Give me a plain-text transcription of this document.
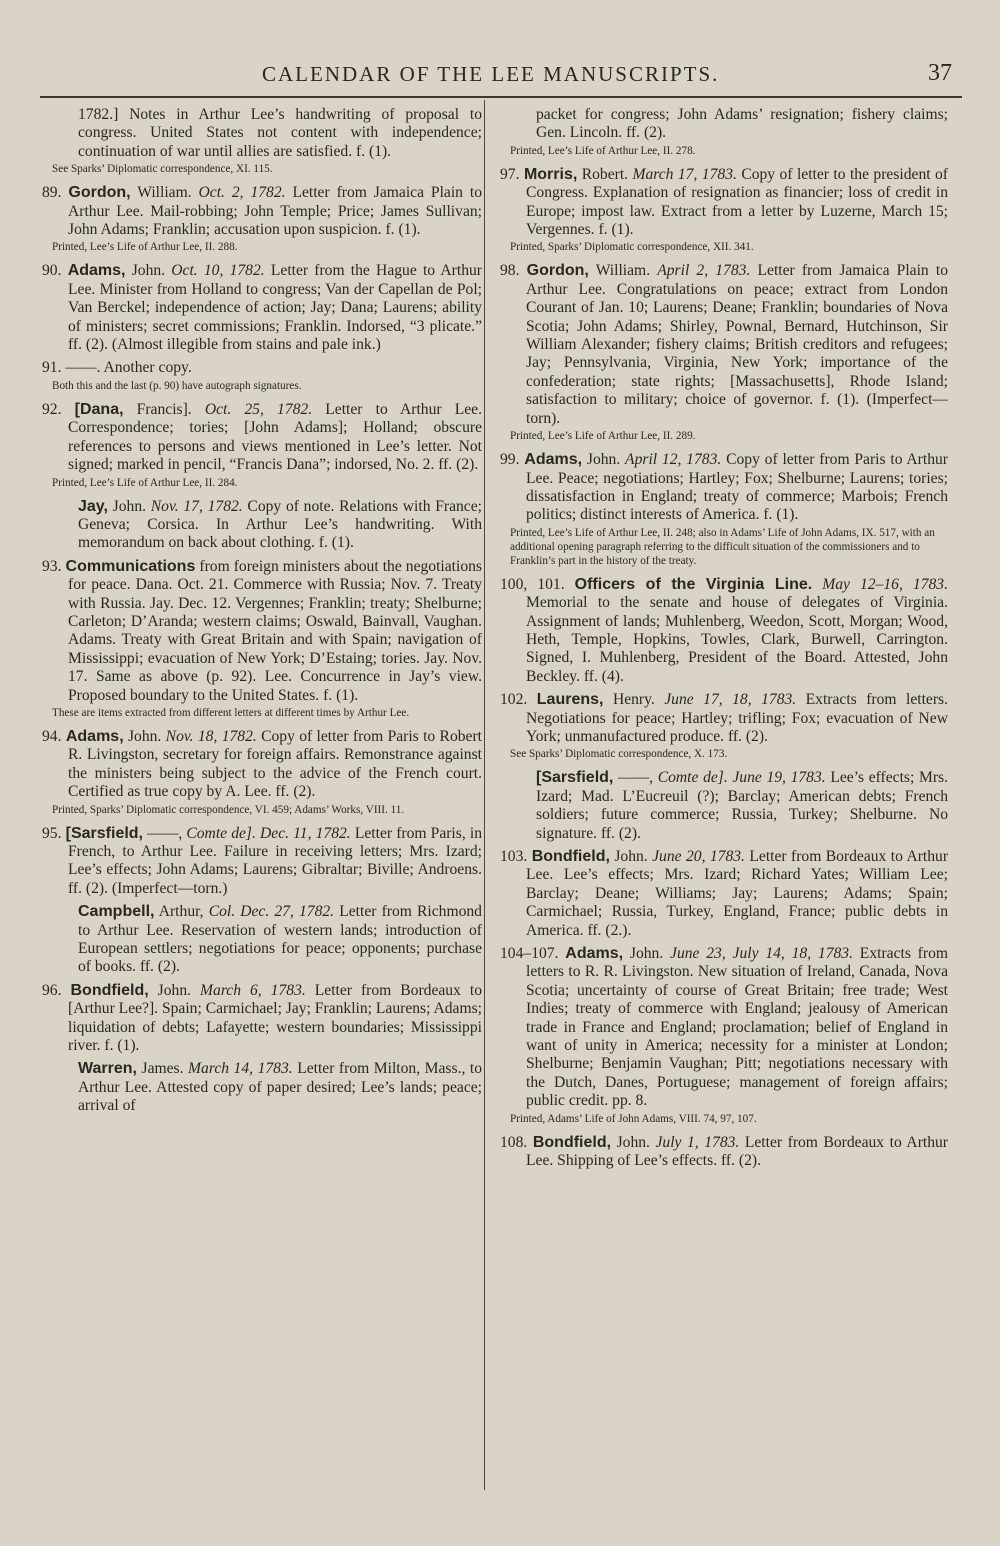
CALENDAR OF THE LEE MANUSCRIPTS.	37
1782.] Notes in Arthur Lee’s handwriting of proposal to congress. United States not content with independence; continuation of war until allies are satisfied. f. (1).
See Sparks’ Diplomatic correspondence, XI. 115.
89. Gordon, William. Oct. 2, 1782. Letter from Jamaica Plain to Arthur Lee. Mail-robbing; John Temple; Price; James Sullivan; John Adams; Franklin; accusation upon suspicion. f. (1).
Printed, Lee’s Life of Arthur Lee, II. 288.
90. Adams, John. Oct. 10, 1782. Letter from the Hague to Arthur Lee. Minister from Holland to congress; Van der Capellan de Pol; Van Berckel; independence of action; Jay; Dana; Laurens; ability of ministers; secret commissions; Franklin. Indorsed, “3 plicate.” ff. (2). (Almost illegible from stains and pale ink.)
91. ——. Another copy.
Both this and the last (p. 90) have autograph signatures.
92. [Dana, Francis]. Oct. 25, 1782. Letter to Arthur Lee. Correspondence; tories; [John Adams]; Holland; obscure references to persons and views mentioned in Lee’s letter. Not signed; marked in pencil, “Francis Dana”; indorsed, No. 2. ff. (2).
Printed, Lee’s Life of Arthur Lee, II. 284.
Jay, John. Nov. 17, 1782. Copy of note. Relations with France; Geneva; Corsica. In Arthur Lee’s handwriting. With memorandum on back about clothing. f. (1).
93. Communications from foreign ministers about the negotiations for peace. Dana. Oct. 21. Commerce with Russia; Nov. 7. Treaty with Russia. Jay. Dec. 12. Vergennes; Franklin; treaty; Shelburne; Carleton; D’Aranda; western claims; Oswald, Bainvall, Vaughan. Adams. Treaty with Great Britain and with Spain; navigation of Mississippi; evacuation of New York; D’Estaing; tories. Jay. Nov. 17. Same as above (p. 92). Lee. Concurrence in Jay’s view. Proposed boundary to the United States. f. (1).
These are items extracted from different letters at different times by Arthur Lee.
94. Adams, John. Nov. 18, 1782. Copy of letter from Paris to Robert R. Livingston, secretary for foreign affairs. Remonstrance against the ministers being subject to the advice of the French court. Certified as true copy by A. Lee. ff. (2).
Printed, Sparks’ Diplomatic correspondence, VI. 459; Adams’ Works, VIII. 11.
95. [Sarsfield, ——, Comte de]. Dec. 11, 1782. Letter from Paris, in French, to Arthur Lee. Failure in receiving letters; Mrs. Izard; Lee’s effects; John Adams; Laurens; Gibraltar; Biville; Androens. ff. (2). (Imperfect—torn.)
Campbell, Arthur, Col. Dec. 27, 1782. Letter from Richmond to Arthur Lee. Reservation of western lands; introduction of European settlers; negotiations for peace; opponents; purchase of books. ff. (2).
96. Bondfield, John. March 6, 1783. Letter from Bordeaux to [Arthur Lee?]. Spain; Carmichael; Jay; Franklin; Laurens; Adams; liquidation of debts; Lafayette; western boundaries; Mississippi river. f. (1).
Warren, James. March 14, 1783. Letter from Milton, Mass., to Arthur Lee. Attested copy of paper desired; Lee’s lands; peace; arrival of
packet for congress; John Adams’ resignation; fishery claims; Gen. Lincoln. ff. (2).
Printed, Lee’s Life of Arthur Lee, II. 278.
97. Morris, Robert. March 17, 1783. Copy of letter to the president of Congress. Explanation of resignation as financier; loss of credit in Europe; impost law. Extract from a letter by Luzerne, March 15; Vergennes. f. (1).
Printed, Sparks’ Diplomatic correspondence, XII. 341.
98. Gordon, William. April 2, 1783. Letter from Jamaica Plain to Arthur Lee. Congratulations on peace; extract from London Courant of Jan. 10; Laurens; Deane; Franklin; boundaries of Nova Scotia; John Adams; Shirley, Pownal, Bernard, Hutchinson, Sir William Alexander; fishery claims; British creditors and refugees; Jay; Pennsylvania, Virginia, New York; importance of the confederation; state rights; [Massachusetts], Rhode Island; satisfaction to military; choice of governor. f. (1). (Imperfect—torn).
Printed, Lee’s Life of Arthur Lee, II. 289.
99. Adams, John. April 12, 1783. Copy of letter from Paris to Arthur Lee. Peace; negotiations; Hartley; Fox; Shelburne; Laurens; tories; dissatisfaction in England; treaty of commerce; Marbois; French politics; distinct interests of America. f. (1).
Printed, Lee’s Life of Arthur Lee, II. 248; also in Adams’ Life of John Adams, IX. 517, with an additional opening paragraph referring to the difficult situation of the commissioners and to Franklin’s part in the history of the treaty.
100, 101. Officers of the Virginia Line. May 12–16, 1783. Memorial to the senate and house of delegates of Virginia. Assignment of lands; Muhlenberg, Weedon, Scott, Morgan; Wood, Heth, Temple, Hopkins, Towles, Clark, Burwell, Carrington. Signed, I. Muhlenberg, President of the Board. Attested, John Beckley. ff. (4).
102. Laurens, Henry. June 17, 18, 1783. Extracts from letters. Negotiations for peace; Hartley; trifling; Fox; evacuation of New York; unmanufactured produce. ff. (2).
See Sparks’ Diplomatic correspondence, X. 173.
[Sarsfield, ——, Comte de]. June 19, 1783. Lee’s effects; Mrs. Izard; Mad. L’Eucreuil (?); Barclay; American debts; French soldiers; future commerce; Russia, Turkey; Shelburne. No signature. ff. (2).
103. Bondfield, John. June 20, 1783. Letter from Bordeaux to Arthur Lee. Lee’s effects; Mrs. Izard; Richard Yates; William Lee; Barclay; Deane; Williams; Jay; Laurens; Adams; Spain; Carmichael; Russia, Turkey, England, France; public debts in America. ff. (2.).
104–107. Adams, John. June 23, July 14, 18, 1783. Extracts from letters to R. R. Livingston. New situation of Ireland, Canada, Nova Scotia; uncertainty of course of Great Britain; free trade; West Indies; treaty of commerce with England; jealousy of American trade in France and England; proclamation; belief of England in want of unity in America; necessity for a minister at London; Shelburne; Benjamin Vaughan; Pitt; negotiations necessary with the Dutch, Danes, Portuguese; management of foreign affairs; public credit. pp. 8.
Printed, Adams’ Life of John Adams, VIII. 74, 97, 107.
108. Bondfield, John. July 1, 1783. Letter from Bordeaux to Arthur Lee. Shipping of Lee’s effects. ff. (2).
